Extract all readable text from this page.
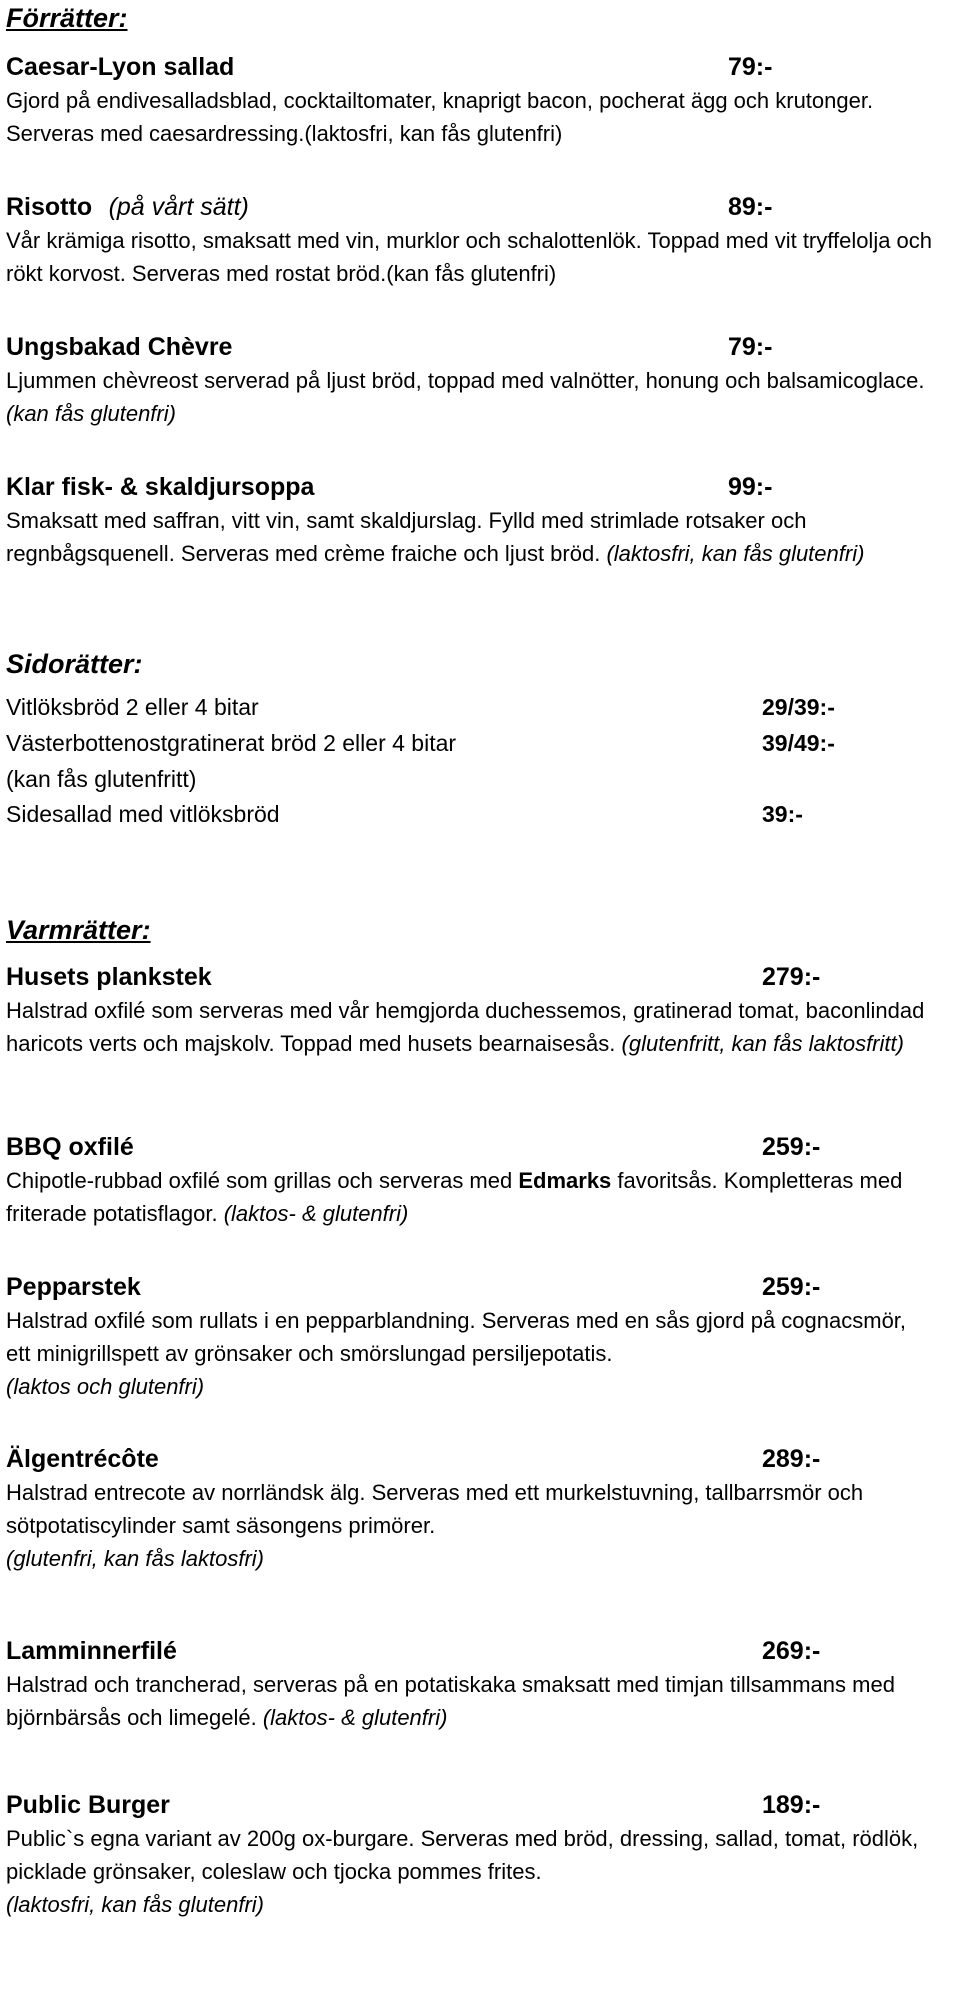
Förrätter:
Caesar-Lyon sallad	79:-

Gjord på endivesalladsblad, cocktailtomater, knaprigt bacon, pocherat ägg och krutonger. Serveras med caesardressing.(laktosfri, kan fås glutenfri)

Risotto (på vårt sätt)	89:-

Vår krämiga risotto, smaksatt med vin, murklor och schalottenlök. Toppad med vit tryffelolja och rökt korvost. Serveras med rostat bröd.(kan fås glutenfri)

Ungsbakad Chèvre	79:-

Ljummen chèvreost serverad på ljust bröd, toppad med valnötter, honung och balsamicoglace.(kan fås glutenfri)

Klar fisk- & skaldjursoppa	99:-

Smaksatt med saffran, vitt vin, samt skaldjurslag. Fylld med strimlade rotsaker och regnbågsquenell. Serveras med crème fraiche och ljust bröd. (laktosfri, kan fås glutenfri)

Sidorätter:
Vitlöksbröd 2 eller 4 bitar	29/39:-
Västerbottenostgratinerat bröd 2 eller 4 bitar	39/49:-
(kan fås glutenfritt)
Sidesallad med vitlöksbröd	39:-
Varmrätter:
Husets plankstek	279:-

Halstrad oxfilé som serveras med vår hemgjorda duchessemos, gratinerad tomat, baconlindad haricots verts och majskolv. Toppad med husets bearnaisesås. (glutenfritt, kan fås laktosfritt)

BBQ oxfilé	259:-

Chipotle-rubbad oxfilé som grillas och serveras med Edmarks favoritsås. Kompletteras med friterade potatisflagor. (laktos- & glutenfri)

Pepparstek	259:-

Halstrad oxfilé som rullats i en pepparblandning. Serveras med en sås gjord på cognacsmör, ett minigrillspett av grönsaker och smörslungad persiljepotatis.
(laktos och glutenfri)

Älgentrécôte	289:-

Halstrad entrecote av norrländsk älg. Serveras med ett murkelstuvning, tallbarrsmör och sötpotatiscylinder samt säsongens primörer.
(glutenfri, kan fås laktosfri)

Lamminnerfilé	269:-

Halstrad och trancherad, serveras på en potatiskaka smaksatt med timjan tillsammans med björnbärsås och limegelé. (laktos- & glutenfri)

Public Burger	189:-

Public`s egna variant av 200g ox-burgare. Serveras med bröd, dressing, sallad, tomat, rödlök, picklade grönsaker, coleslaw och tjocka pommes frites.
(laktosfri, kan fås glutenfri)
